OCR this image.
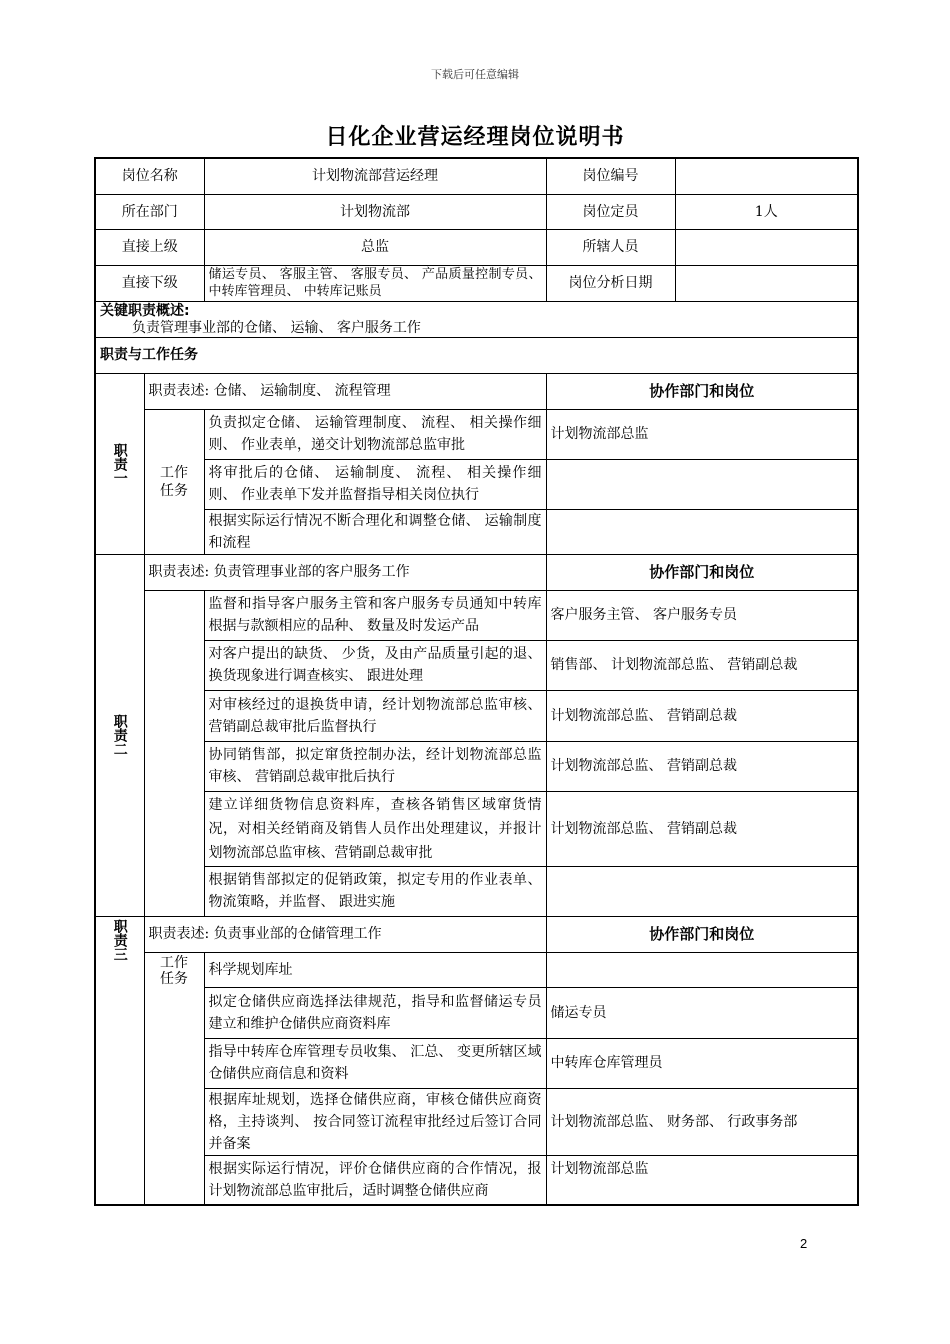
下载后可任意编辑
日化企业营运经理岗位说明书
岗位名称		计划物流部营运经理	岗位编号	
所在部门		计划物流部	岗位定员	1人
直接上级		总监	所辖人员	
直接下级		储运专员、 客服主管、 客服专员、 产品质量控制专员、 中转库管理员、 中转库记账员	岗位分析日期	

关键职责概述:
负责管理事业部的仓储、 运输、 客户服务工作				

职责与工作任务				

职责一	职责表述: 仓储、 运输制度、 流程管理		协作部门和岗位	

	工作任务	负责拟定仓储、 运输管理制度、 流程、 相关操作细则、 作业表单，递交计划物流部总监审批	计划物流部总监	
		将审批后的仓储、 运输制度、 流程、 相关操作细则、 作业表单下发并监督指导相关岗位执行		
		根据实际运行情况不断合理化和调整仓储、 运输制度和流程		

职责二	职责表述: 负责管理事业部的客户服务工作		协作部门和岗位	
		监督和指导客户服务主管和客户服务专员通知中转库根据与款额相应的品种、 数量及时发运产品	客户服务主管、 客户服务专员	
		对客户提出的缺货、 少货，及由产品质量引起的退、 换货现象进行调查核实、 跟进处理	销售部、 计划物流部总监、 营销副总裁	
		对审核经过的退换货申请，经计划物流部总监审核、 营销副总裁审批后监督执行	计划物流部总监、 营销副总裁	
		协同销售部，拟定窜货控制办法，经计划物流部总监审核、 营销副总裁审批后执行	计划物流部总监、 营销副总裁	
		建立详细货物信息资料库，查核各销售区域窜货情况，对相关经销商及销售人员作出处理建议，并报计划物流部总监审核、营销副总裁审批	计划物流部总监、 营销副总裁	
		根据销售部拟定的促销政策，拟定专用的作业表单、 物流策略，并监督、 跟进实施		

职责三	职责表述: 负责事业部的仓储管理工作		协作部门和岗位	

	工作任务	科学规划库址		
		拟定仓储供应商选择法律规范，指导和监督储运专员建立和维护仓储供应商资料库	储运专员	
		指导中转库仓库管理专员收集、 汇总、 变更所辖区域仓储供应商信息和资料	中转库仓库管理员	
		根据库址规划，选择仓储供应商，审核仓储供应商资格，主持谈判、 按合同签订流程审批经过后签订合同并备案	计划物流部总监、 财务部、 行政事务部	
		根据实际运行情况，评价仓储供应商的合作情况，报计划物流部总监审批后，适时调整仓储供应商	计划物流部总监	
2
